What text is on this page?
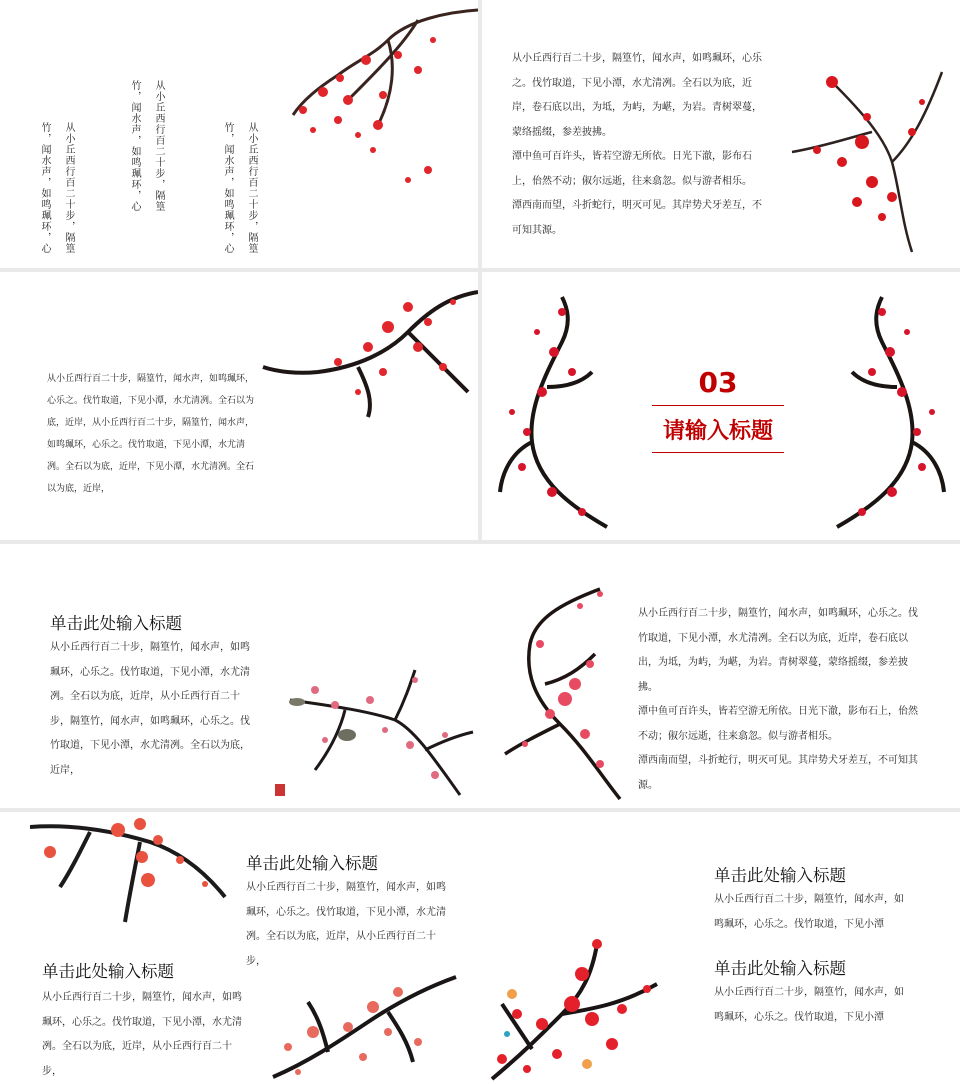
从小丘西行百二十步，隔篁
竹，闻水声，如鸣珮环，心
从小丘西行百二十步，隔篁
竹，闻水声，如鸣珮环，心	从小丘西行百二十步，隔篁
竹，闻水声，如鸣珮环，心

从小丘西行百二十步，隔篁竹，闻水声，如鸣珮环，心乐之。伐竹取道，下见小潭，水尤清冽。全石以为底，近岸，卷石底以出，为坻，为屿，为嵁，为岩。青树翠蔓，蒙络摇缀，参差披拂。

潭中鱼可百许头，皆若空游无所依。日光下澈，影布石上，佁然不动；俶尔远逝，往来翕忽。似与游者相乐。

潭西南而望，斗折蛇行，明灭可见。其岸势犬牙差互，不可知其源。

从小丘西行百二十步，隔篁竹，闻水声，如鸣珮环，心乐之。伐竹取道，下见小潭，水尤清冽。全石以为底，近岸，从小丘西行百二十步，隔篁竹，闻水声，如鸣珮环，心乐之。伐竹取道，下见小潭，水尤清冽。全石以为底，近岸，下见小潭，水尤清冽。全石以为底，近岸，
03
请输入标题
单击此处输入标题
从小丘西行百二十步，隔篁竹，闻水声，如鸣珮环，心乐之。伐竹取道，下见小潭，水尤清冽。全石以为底，近岸，从小丘西行百二十步，隔篁竹，闻水声，如鸣珮环，心乐之。伐竹取道，下见小潭，水尤清冽。全石以为底，近岸，

从小丘西行百二十步，隔篁竹，闻水声，如鸣珮环，心乐之。伐竹取道，下见小潭，水尤清冽。全石以为底，近岸，卷石底以出，为坻，为屿，为嵁，为岩。青树翠蔓，蒙络摇缀，参差披拂。

潭中鱼可百许头，皆若空游无所依。日光下澈，影布石上，佁然不动；俶尔远逝，往来翕忽。似与游者相乐。

潭西南而望，斗折蛇行，明灭可见。其岸势犬牙差互，不可知其源。

单击此处输入标题
从小丘西行百二十步，隔篁竹，闻水声，如鸣珮环，心乐之。伐竹取道，下见小潭，水尤清冽。全石以为底，近岸，从小丘西行百二十步，
单击此处输入标题
从小丘西行百二十步，隔篁竹，闻水声，如鸣珮环，心乐之。伐竹取道，下见小潭，水尤清冽。全石以为底，近岸，从小丘西行百二十步，
单击此处输入标题
从小丘西行百二十步，隔篁竹，闻水声，如鸣珮环，心乐之。伐竹取道，下见小潭
单击此处输入标题
从小丘西行百二十步，隔篁竹，闻水声，如鸣珮环，心乐之。伐竹取道，下见小潭
